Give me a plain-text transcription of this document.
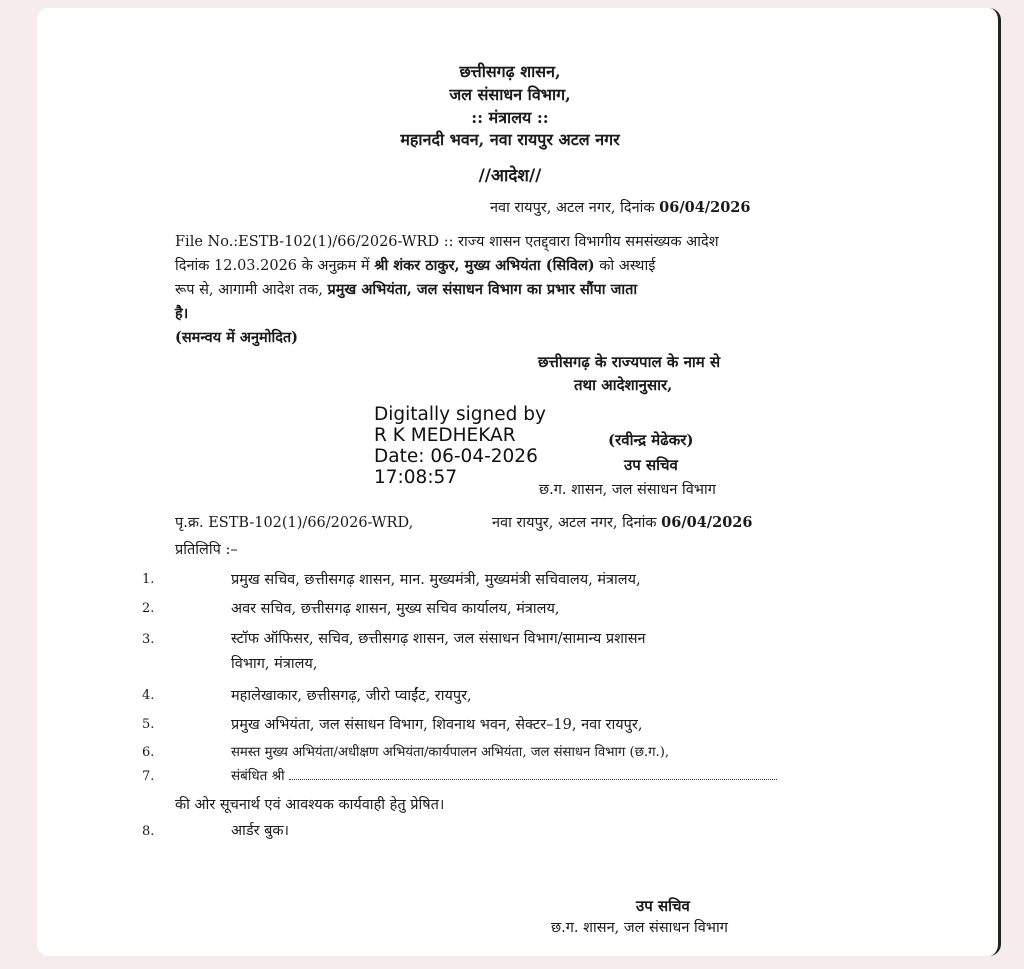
छत्तीसगढ़ शासन,
जल संसाधन विभाग,
:: मंत्रालय ::
महानदी भवन, नवा रायपुर अटल नगर
//आदेश//
नवा रायपुर, अटल नगर, दिनांक 06/04/2026
File No.:ESTB-102(1)/66/2026-WRD :: राज्य शासन एतद्द्वारा विभागीय समसंख्यक आदेश
दिनांक 12.03.2026 के अनुक्रम में श्री शंकर ठाकुर, मुख्य अभियंता (सिविल) को अस्थाई
रूप से, आगामी आदेश तक, प्रमुख अभियंता, जल संसाधन विभाग का प्रभार सौंपा जाता
है।
(समन्वय में अनुमोदित)
छत्तीसगढ़ के राज्यपाल के नाम से
तथा आदेशानुसार,
Digitally signed by
R K MEDHEKAR
Date: 06-04-2026
17:08:57
(रवीन्द्र मेढेकर)
उप सचिव
छ.ग. शासन, जल संसाधन विभाग
पृ.क्र. ESTB-102(1)/66/2026-WRD,	नवा रायपुर, अटल नगर, दिनांक 06/04/2026
प्रतिलिपि :–
1.	प्रमुख सचिव, छत्तीसगढ़ शासन, मान. मुख्यमंत्री, मुख्यमंत्री सचिवालय, मंत्रालय,
2.	अवर सचिव, छत्तीसगढ़ शासन, मुख्य सचिव कार्यालय, मंत्रालय,
3.	स्टॉफ ऑफिसर, सचिव, छत्तीसगढ़ शासन, जल संसाधन विभाग/सामान्य प्रशासन
विभाग, मंत्रालय,
4.	महालेखाकार, छत्तीसगढ़, जीरो प्वाईंट, रायपुर,
5.	प्रमुख अभियंता, जल संसाधन विभाग, शिवनाथ भवन, सेक्टर–19, नवा रायपुर,
6.	समस्त मुख्य अभियंता/अधीक्षण अभियंता/कार्यपालन अभियंता, जल संसाधन विभाग (छ.ग.),
7.	संबंधित श्री
की ओर सूचनार्थ एवं आवश्यक कार्यवाही हेतु प्रेषित।
8.	आर्डर बुक।
उप सचिव
छ.ग. शासन, जल संसाधन विभाग
